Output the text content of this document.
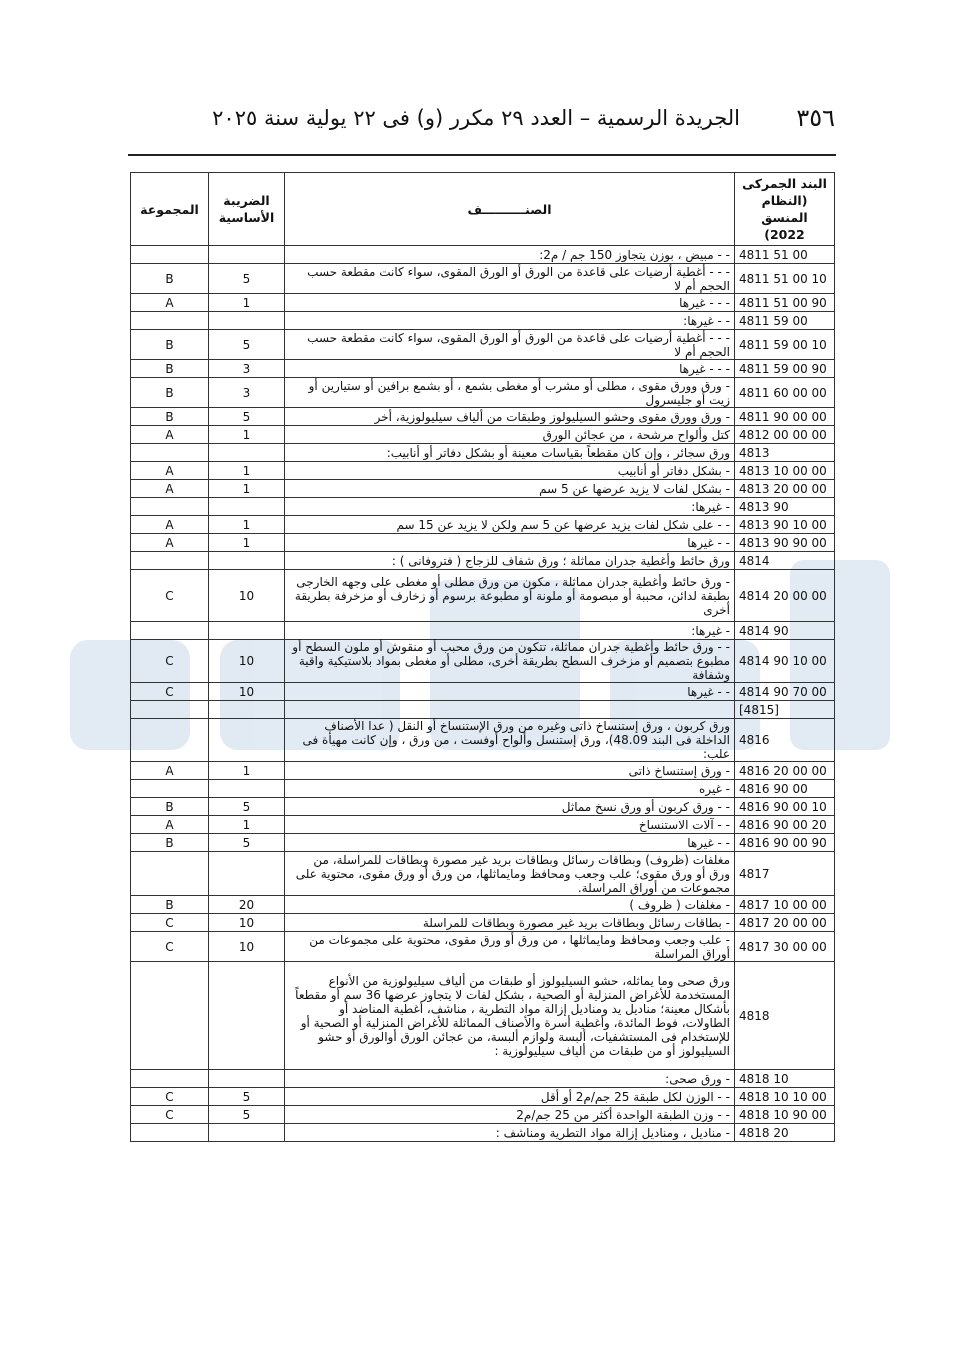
٣٥٦
الجريدة الرسمية – العدد ٢٩ مكرر (و) فى ٢٢ يولية سنة ٢٠٢٥
البند الجمركى (النظام المنسق 2022)	الصنــــــــــف	الضريبة الأساسية	المجموعة
4811 51 00	- - مبيض ، بوزن يتجاوز 150 جم / م2:		
4811 51 00 10	- - - أغطية أرضيات على قاعدة من الورق أو الورق المقوى، سواء كانت مقطعة حسب الحجم أم لا	5	B
4811 51 00 90	- - - غيرها	1	A
4811 59 00	- - غيرها:		
4811 59 00 10	- - - أغطية أرضيات على قاعدة من الورق أو الورق المقوى، سواء كانت مقطعة حسب الحجم أم لا	5	B
4811 59 00 90	- - - غيرها	3	B
4811 60 00 00	- ورق وورق مقوى ، مطلى أو مشرب أو مغطى بشمع ، أو بشمع برافين أو ستيارين أو زيت أو جليسرول	3	B
4811 90 00 00	- ورق وورق مقوى وحشو السيليولوز وطبقات من ألياف سيليولوزية، أخر	5	B
4812 00 00 00	كتل وألواح مرشحة ، من عجائن الورق	1	A
4813	ورق سجائر ، وإن كان مقطعاً بقياسات معينة أو بشكل دفاتر أو أنابيب:		
4813 10 00 00	- بشكل دفاتر أو أنابيب	1	A
4813 20 00 00	- بشكل لفات لا يزيد عرضها عن 5 سم	1	A
4813 90	- غيرها:		
4813 90 10 00	- - على شكل لفات يزيد عرضها عن 5 سم ولكن لا يزيد عن 15 سم	1	A
4813 90 90 00	- - غيرها	1	A
4814	ورق حائط وأغطية جدران مماثلة ؛ ورق شفاف للزجاج ( فتروفانى ) :		
4814 20 00 00	- ورق حائط وأغطية جدران مماثلة ، مكون من ورق مطلى أو مغطى على وجهه الخارجى بطبقة لدائن، محببة أو مبصومة أو ملونة أو مطبوعة برسوم أو زخارف أو مزخرفة بطريقة أخرى	10	C
4814 90	- غيرها:		
4814 90 10 00	- - ورق حائط وأغطية جدران مماثلة، تتكون من ورق محبب أو منقوش أو ملون السطح أو مطبوع بتصميم أو مزخرف السطح بطريقة أخرى، مطلى أو مغطى بمواد بلاستيكية واقية وشفافة	10	C
4814 90 70 00	- - غيرها	10	C
[4815]			
4816	ورق كربون ، ورق إستنساخ ذاتى وغيره من ورق الإستنساخ أو النقل ( عدا الأصناف الداخلة فى البند 48.09)، ورق إستنسل وألواح أوفست ، من ورق ، وإن كانت مهيأة فى علب:		
4816 20 00 00	- ورق إستنساخ ذاتى	1	A
4816 90 00	- غيره		
4816 90 00 10	- - ورق كربون أو ورق نسخ مماثل	5	B
4816 90 00 20	- - آلات الاستنساخ	1	A
4816 90 00 90	- - غيرها	5	B
4817	مغلفات (ظروف) وبطاقات رسائل وبطاقات بريد غير مصورة وبطاقات للمراسلة، من ورق أو ورق مقوى؛ علب وجعب ومحافظ ومايماثلها، من ورق أو ورق مقوى، محتوية على مجموعات من أوراق المراسلة.		
4817 10 00 00	- مغلفات ( ظروف )	20	B
4817 20 00 00	- بطاقات رسائل وبطاقات بريد غير مصورة وبطاقات للمراسلة	10	C
4817 30 00 00	- علب وجعب ومحافظ ومايماثلها ، من ورق أو ورق مقوى، محتوية على مجموعات من أوراق المراسلة	10	C
4818	ورق صحى وما يماثله، حشو السيليولوز أو طبقات من ألياف سيليولوزية من الأنواع المستخدمة للأغراض المنزلية أو الصحية ، بشكل لفات لا يتجاوز عرضها 36 سم أو مقطعاً بأشكال معينة؛ مناديل يد ومناديل إزالة مواد التطرية ، مناشف، أغطية المناضد أو الطاولات، فوط المائدة، وأغطية أسرة والأصناف المماثلة للأغراض المنزلية أو الصحية أو للإستخدام فى المستشفيات، ألبسة ولوازم ألبسة، من عجائن الورق أوالورق أو حشو السيليولوز أو من طبقات من ألياف سيليولوزية :		
4818 10	- ورق صحى:		
4818 10 10 00	- - الوزن لكل طبقة 25 جم/م2 أو أقل	5	C
4818 10 90 00	- - وزن الطبقة الواحدة أكثر من 25 جم/م2	5	C
4818 20	- مناديل ، ومناديل إزالة مواد التطرية ومناشف :		
